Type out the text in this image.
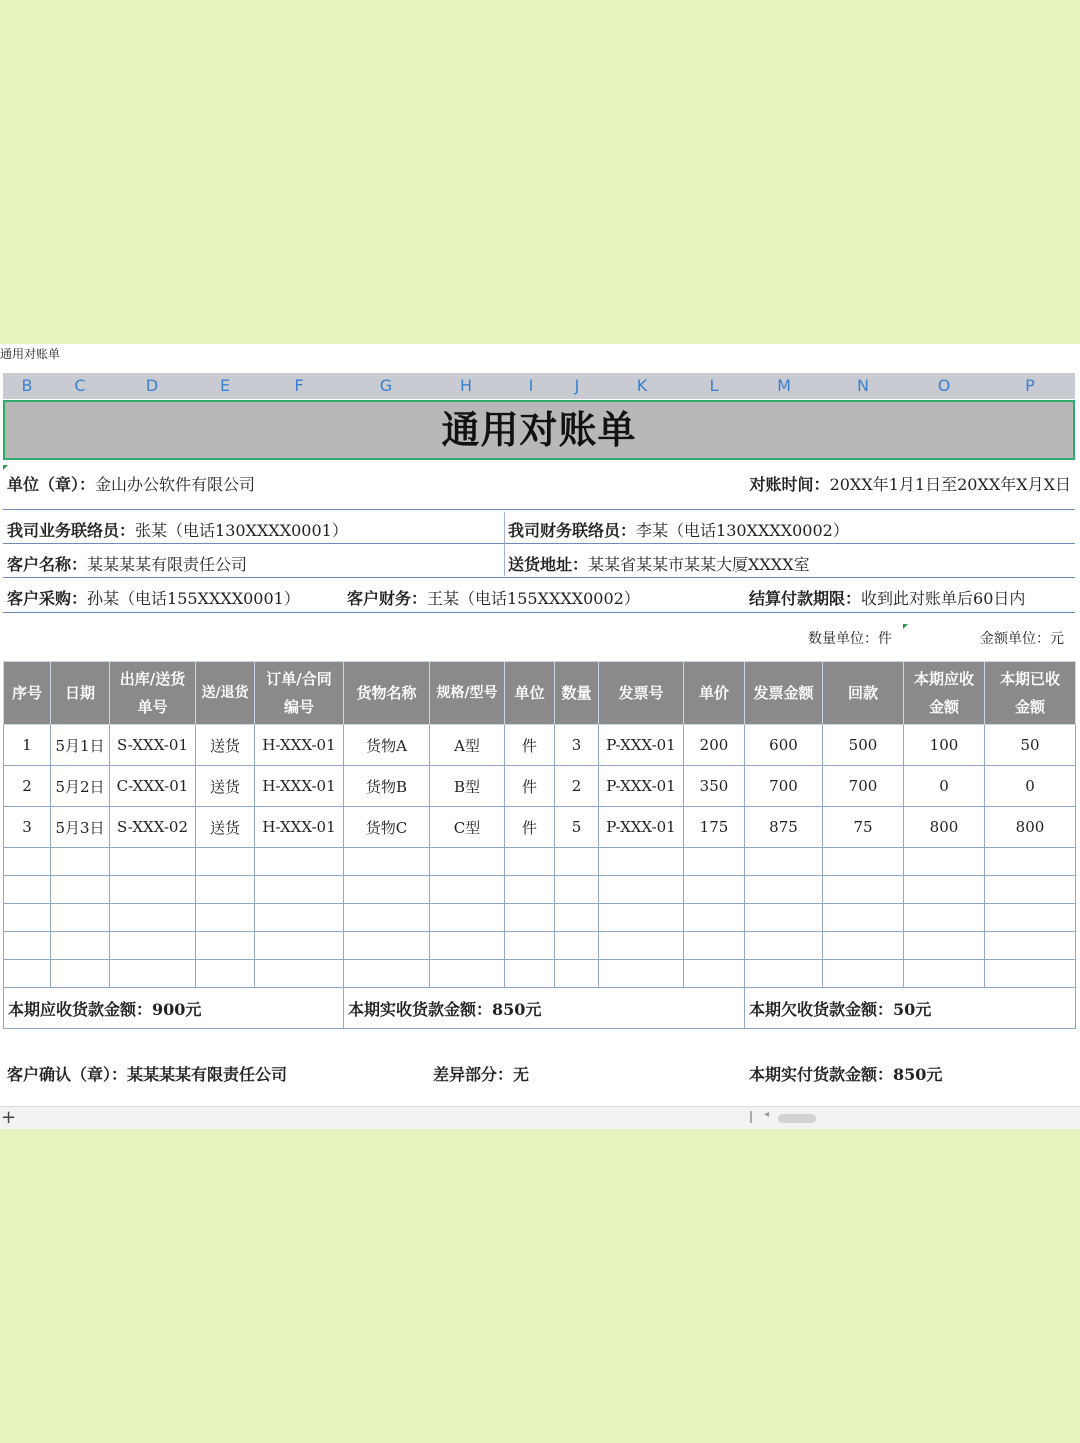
通用对账单
B	C	D	E	F	G	H	I	J	K	L	M	N	O	P
通用对账单
单位（章）：金山办公软件有限公司	对账时间：20XX年1月1日至20XX年X月X日
我司业务联络员：张某（电话130XXXX0001）	我司财务联络员：李某（电话130XXXX0002）
客户名称：某某某某有限责任公司	送货地址：某某省某某市某某大厦XXXX室
客户采购：孙某（电话155XXXX0001）	客户财务：王某（电话155XXXX0002）	结算付款期限：收到此对账单后60日内
数量单位：件	金额单位：元
序号	日期	出库/送货单号	送/退货	订单/合同编号	货物名称	规格/型号	单位	数量	发票号	单价	发票金额	回款	本期应收金额	本期已收金额
1	5月1日	S-XXX-01	送货	H-XXX-01	货物A	A型	件	3	P-XXX-01	200	600	500	100	50
2	5月2日	C-XXX-01	送货	H-XXX-01	货物B	B型	件	2	P-XXX-01	350	700	700	0	0
3	5月3日	S-XXX-02	送货	H-XXX-01	货物C	C型	件	5	P-XXX-01	175	875	75	800	800

本期应收货款金额：900元					本期实收货款金额：850元						本期欠收货款金额：50元			
客户确认（章）：某某某某有限责任公司	差异部分：无	本期实付货款金额：850元
+	◂
